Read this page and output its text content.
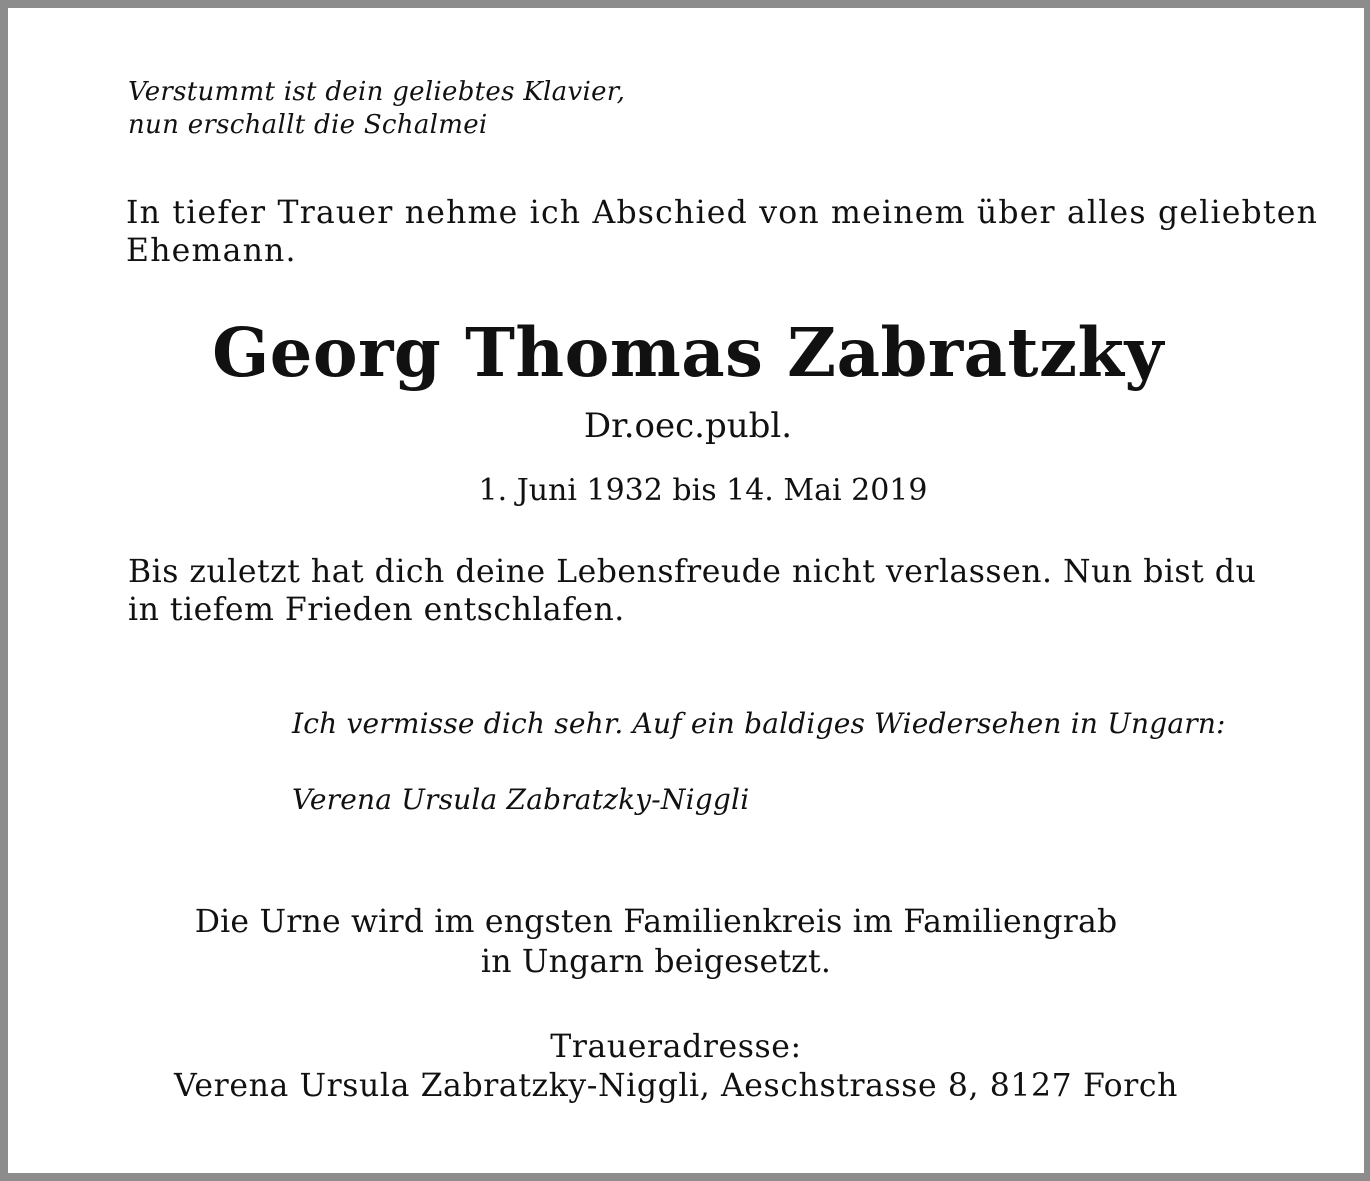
Verstummt ist dein geliebtes Klavier,
nun erschallt die Schalmei

In tiefer Trauer nehme ich Abschied von meinem über alles geliebten
Ehemann.

Georg Thomas Zabratzky

Dr.oec.publ.

1. Juni 1932 bis 14. Mai 2019

Bis zuletzt hat dich deine Lebensfreude nicht verlassen. Nun bist du
in tiefem Frieden entschlafen.

Ich vermisse dich sehr. Auf ein baldiges Wiedersehen in Ungarn:

Verena Ursula Zabratzky-Niggli

Die Urne wird im engsten Familienkreis im Familiengrab
in Ungarn beigesetzt.

Traueradresse:
Verena Ursula Zabratzky-Niggli, Aeschstrasse 8, 8127 Forch
